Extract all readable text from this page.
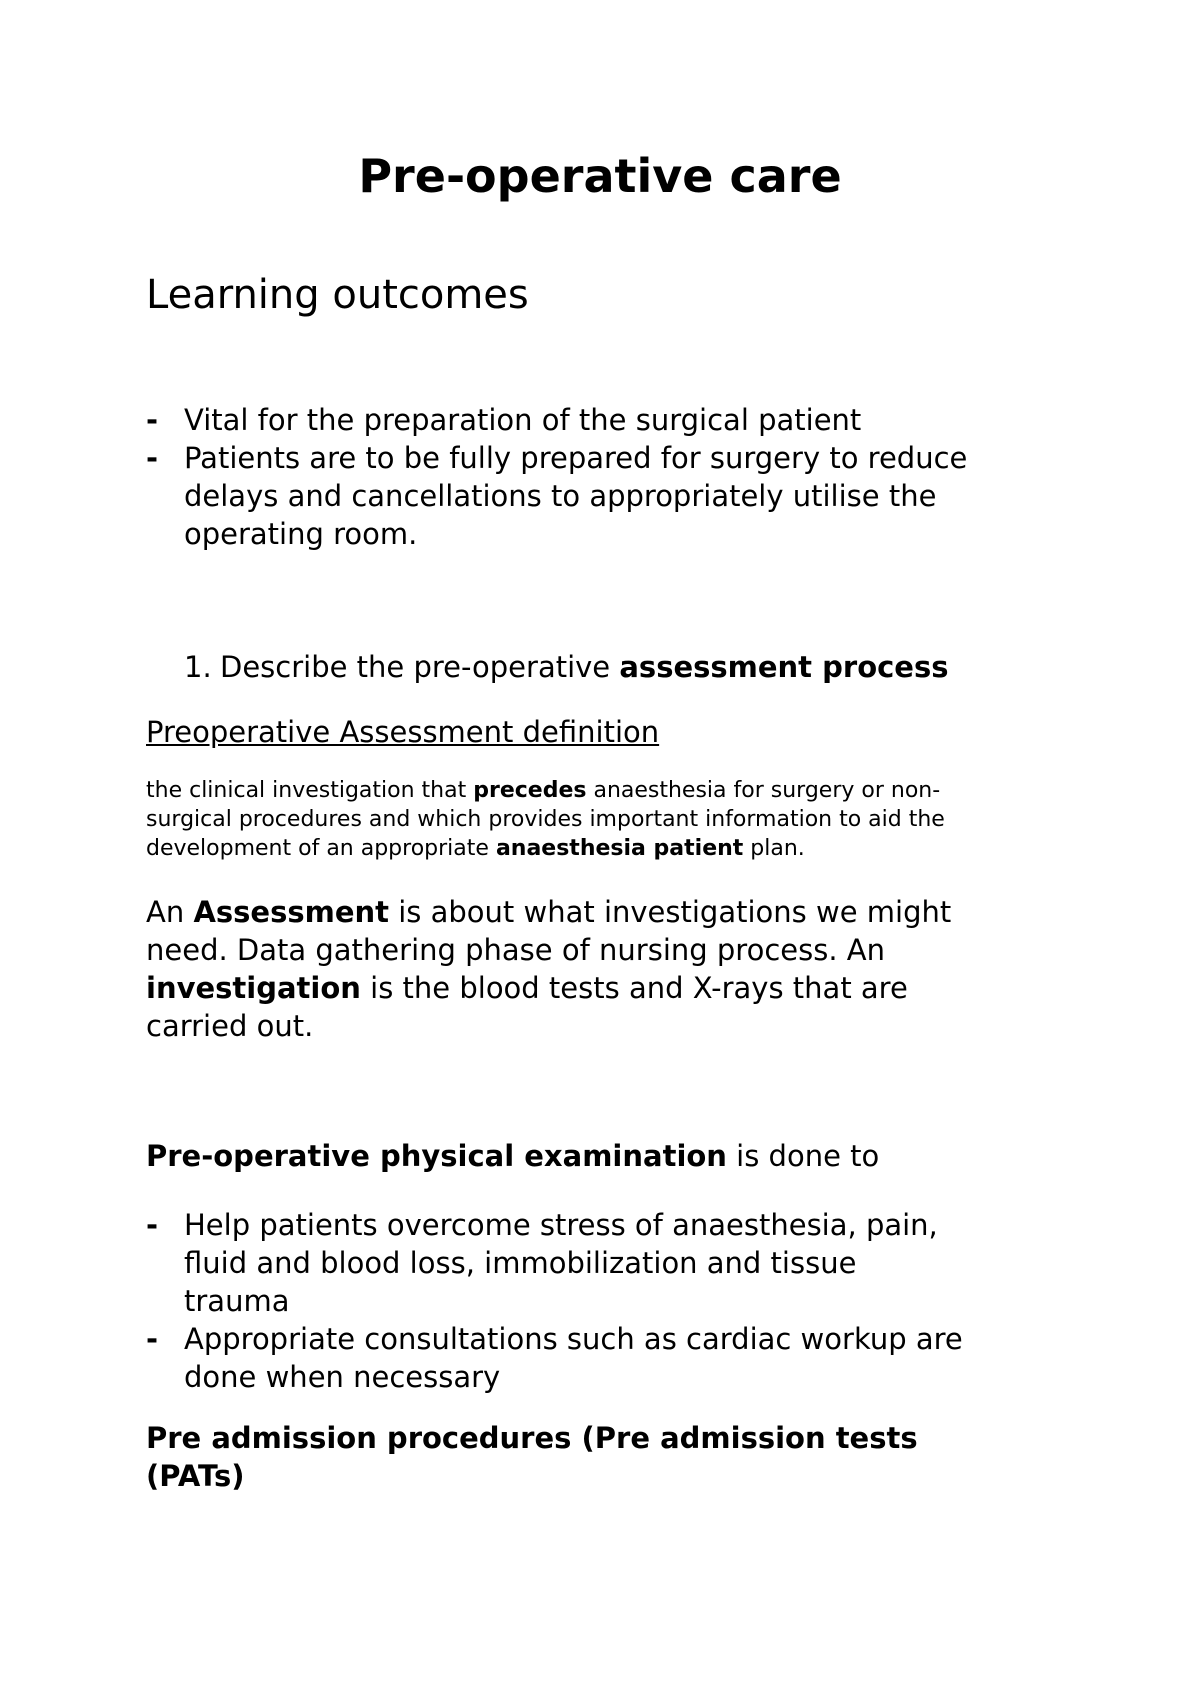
Pre-operative care
Learning outcomes
- Vital for the preparation of the surgical patient
- Patients are to be fully prepared for surgery to reduce
delays and cancellations to appropriately utilise the
operating room.

1. Describe the pre-operative assessment process

Preoperative Assessment definition

the clinical investigation that precedes anaesthesia for surgery or non-
surgical procedures and which provides important information to aid the
development of an appropriate anaesthesia patient plan.

An Assessment is about what investigations we might
need. Data gathering phase of nursing process. An
investigation is the blood tests and X-rays that are
carried out.

Pre-operative physical examination is done to

- Help patients overcome stress of anaesthesia, pain,
fluid and blood loss, immobilization and tissue
trauma
- Appropriate consultations such as cardiac workup are
done when necessary

Pre admission procedures (Pre admission tests
(PATs)
